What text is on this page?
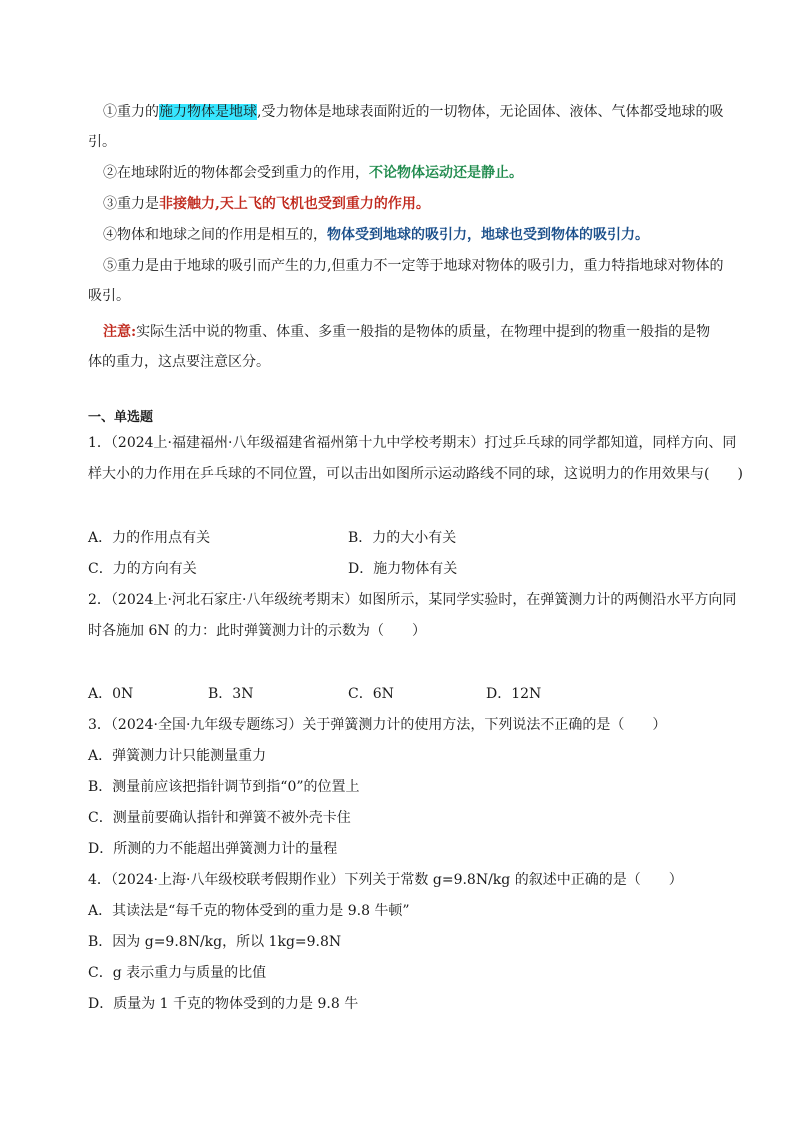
①重力的施力物体是地球,受力物体是地球表面附近的一切物体，无论固体、液体、气体都受地球的吸
引。
②在地球附近的物体都会受到重力的作用，不论物体运动还是静止。
③重力是非接触力,天上飞的飞机也受到重力的作用。
④物体和地球之间的作用是相互的，物体受到地球的吸引力，地球也受到物体的吸引力。
⑤重力是由于地球的吸引而产生的力,但重力不一定等于地球对物体的吸引力，重力特指地球对物体的
吸引。
注意:实际生活中说的物重、体重、多重一般指的是物体的质量，在物理中提到的物重一般指的是物
体的重力，这点要注意区分。
一、单选题
1．（2024上·福建福州·八年级福建省福州第十九中学校考期末）打过乒乓球的同学都知道，同样方向、同
样大小的力作用在乒乓球的不同位置，可以击出如图所示运动路线不同的球，这说明力的作用效果与(　　)
A．力的作用点有关	B．力的大小有关
C．力的方向有关	D．施力物体有关
2．（2024上·河北石家庄·八年级统考期末）如图所示，某同学实验时，在弹簧测力计的两侧沿水平方向同
时各施加 6N 的力：此时弹簧测力计的示数为（　　）
A．0N	B．3N	C．6N	D．12N
3．（2024·全国·九年级专题练习）关于弹簧测力计的使用方法，下列说法不正确的是（　　）
A．弹簧测力计只能测量重力
B．测量前应该把指针调节到指“0”的位置上
C．测量前要确认指针和弹簧不被外壳卡住
D．所测的力不能超出弹簧测力计的量程
4．（2024·上海·八年级校联考假期作业）下列关于常数 g=9.8N/kg 的叙述中正确的是（　　）
A．其读法是“每千克的物体受到的重力是 9.8 牛顿”
B．因为 g=9.8N/kg，所以 1kg=9.8N
C．g 表示重力与质量的比值
D．质量为 1 千克的物体受到的力是 9.8 牛
